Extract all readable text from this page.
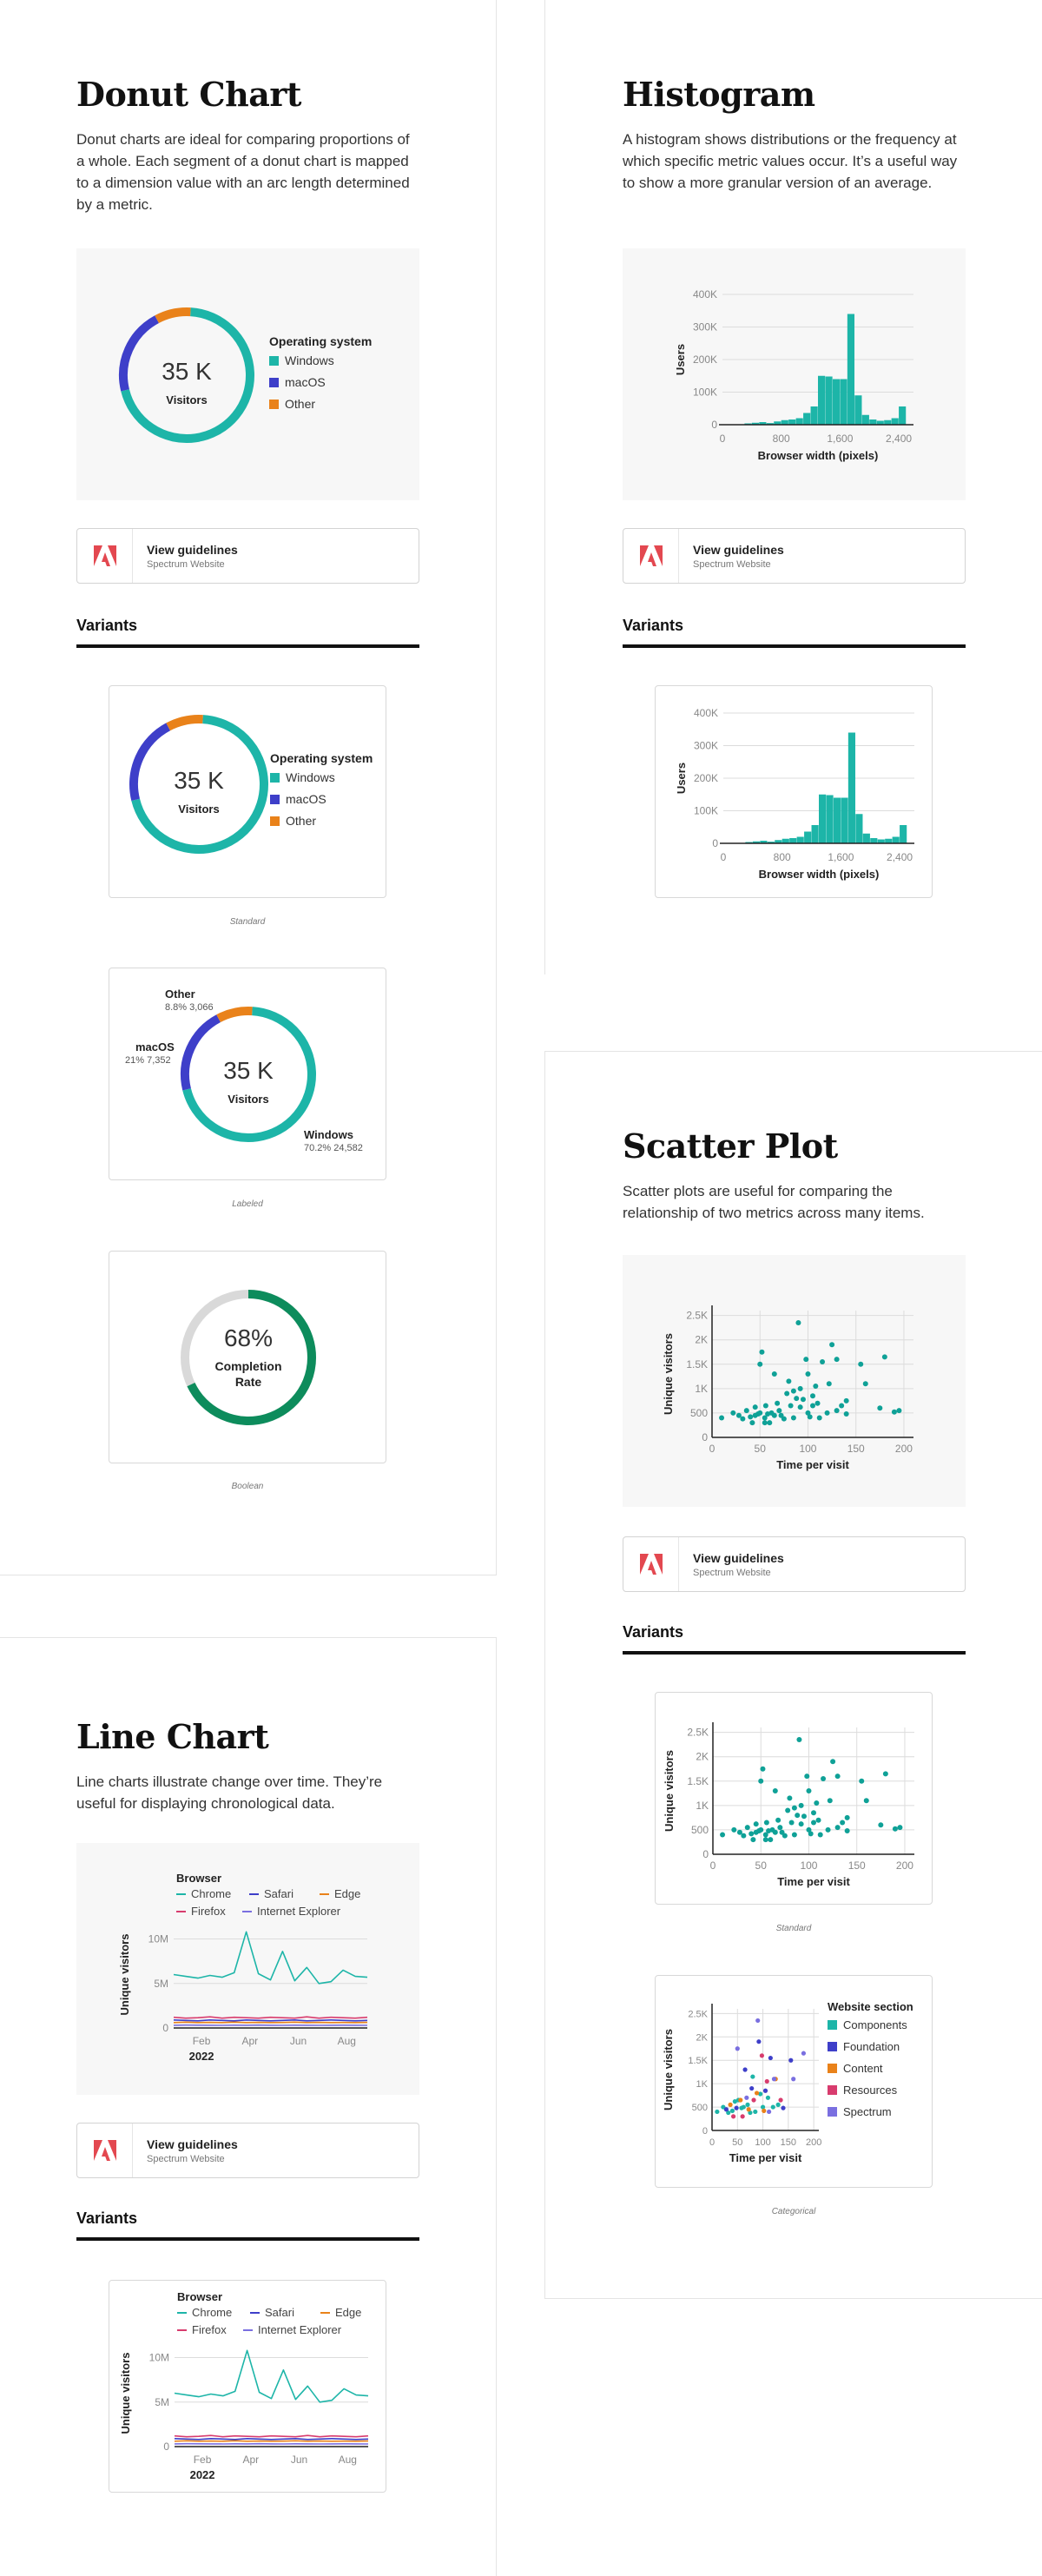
Donut Chart

Donut charts are ideal for comparing proportions of a whole. Each segment of a donut chart is mapped to a dimension value with an arc length determined by a metric.

35 K
Visitors
Operating system
Windows
macOS
Other
View guidelines
Spectrum Website
Variants
35 K
Visitors
Operating system
Windows
macOS
Other
Standard
35 K
Visitors
Other
8.8% 3,066
macOS
21% 7,352
Windows
70.2% 24,582
Labeled
68%
Completion
Rate
Boolean
Histogram

A histogram shows distributions or the frequency at which specific metric values occur. It’s a useful way to show a more granular version of an average.

0
100K
200K
300K
400K
0	800	1,600	2,400
Browser width (pixels)
Users
View guidelines
Spectrum Website
Variants
0
100K
200K
300K
400K
0	800	1,600	2,400
Browser width (pixels)
Users
Scatter Plot

Scatter plots are useful for comparing the relationship of two metrics across many items.

0
500
1K
1.5K
2K
2.5K
0	50	100	150	200
Time per visit
Unique visitors
View guidelines
Spectrum Website
Variants
0
500
1K
1.5K
2K
2.5K
0	50	100	150	200
Time per visit
Unique visitors
Standard
0
500
1K
1.5K
2K
2.5K
0 50 100 150 200
Time per visit
Unique visitors
Website section
Components
Foundation
Content
Resources
Spectrum
Categorical
Line Chart

Line charts illustrate change over time. They’re useful for displaying chronological data.

Browser
Chrome	Safari	Edge
Firefox	Internet Explorer
0
5M
10M
Feb	Apr	Jun	Aug
2022
Unique visitors
View guidelines
Spectrum Website
Variants
Browser
Chrome	Safari	Edge
Firefox	Internet Explorer
0
5M
10M
Feb	Apr	Jun	Aug
2022
Unique visitors
